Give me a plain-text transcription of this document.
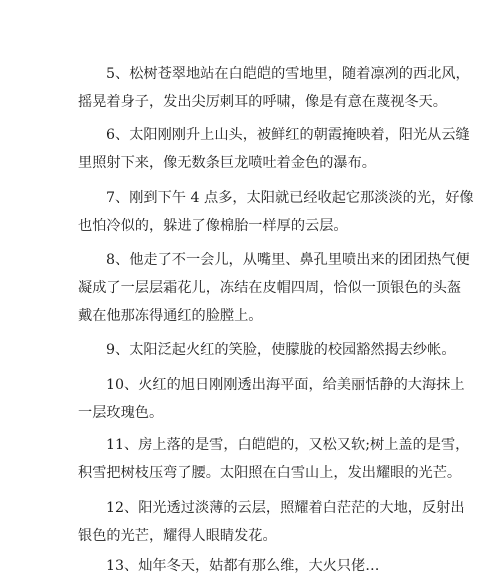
5、松树苍翠地站在白皑皑的雪地里，随着凛冽的西北风，
摇晃着身子，发出尖厉刺耳的呼啸，像是有意在蔑视冬天。
6、太阳刚刚升上山头，被鲜红的朝霞掩映着，阳光从云缝
里照射下来，像无数条巨龙喷吐着金色的瀑布。
7、刚到下午 4 点多，太阳就已经收起它那淡淡的光，好像
也怕冷似的，躲进了像棉胎一样厚的云层。
8、他走了不一会儿，从嘴里、鼻孔里喷出来的团团热气便
凝成了一层层霜花儿，冻结在皮帽四周，恰似一顶银色的头盔
戴在他那冻得通红的脸膛上。
9、太阳泛起火红的笑脸，使朦胧的校园豁然揭去纱帐。
10、火红的旭日刚刚透出海平面，给美丽恬静的大海抹上
一层玫瑰色。
11、房上落的是雪，白皑皑的，又松又软;树上盖的是雪，
积雪把树枝压弯了腰。太阳照在白雪山上，发出耀眼的光芒。
12、阳光透过淡薄的云层，照耀着白茫茫的大地，反射出
银色的光芒，耀得人眼睛发花。
13、灿年冬天，姑都有那么维，大火只佬…
